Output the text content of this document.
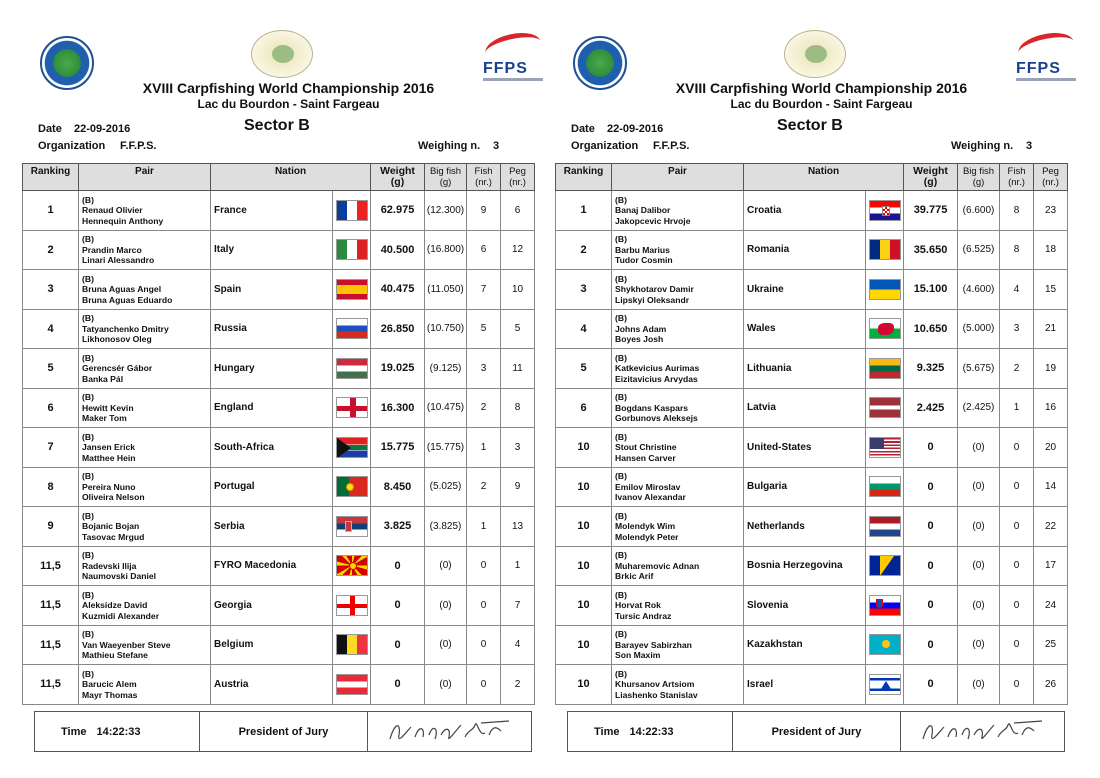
FFPS
XVIII Carpfishing World Championship 2016
Lac du Bourdon - Saint Fargeau
Date 22-09-2016	Sector B
Organization F.F.P.S.	Weighing n. 3
Ranking	Pair	Nation		Weight
(g)	Big fish
(g)	Fish
(nr.)	Peg
(nr.)
1	(B)
Renaud Olivier
Hennequin Anthony	France		62.975	(12.300)	9	6
2	(B)
Prandin Marco
Linari Alessandro	Italy		40.500	(16.800)	6	12
3	(B)
Bruna Aguas Angel
Bruna Aguas Eduardo	Spain		40.475	(11.050)	7	10
4	(B)
Tatyanchenko Dmitry
Likhonosov Oleg	Russia		26.850	(10.750)	5	5
5	(B)
Gerencsér Gábor
Banka Pál	Hungary		19.025	(9.125)	3	11
6	(B)
Hewitt Kevin
Maker Tom	England		16.300	(10.475)	2	8
7	(B)
Jansen Erick
Matthee Hein	South-Africa		15.775	(15.775)	1	3
8	(B)
Pereira Nuno
Oliveira Nelson	Portugal		8.450	(5.025)	2	9
9	(B)
Bojanic Bojan
Tasovac Mrgud	Serbia		3.825	(3.825)	1	13
11,5	(B)
Radevski Ilija
Naumovski Daniel	FYRO Macedonia		0	(0)	0	1
11,5	(B)
Aleksidze David
Kuzmidi Alexander	Georgia		0	(0)	0	7
11,5	(B)
Van Waeyenber Steve
Mathieu Stefane	Belgium		0	(0)	0	4
11,5	(B)
Barucic Alem
Mayr Thomas	Austria		0	(0)	0	2
Time 14:22:33	President of Jury
FFPS
XVIII Carpfishing World Championship 2016
Lac du Bourdon - Saint Fargeau
Date 22-09-2016	Sector B
Organization F.F.P.S.	Weighing n. 3
Ranking	Pair	Nation		Weight
(g)	Big fish
(g)	Fish
(nr.)	Peg
(nr.)
1	(B)
Banaj Dalibor
Jakopcevic Hrvoje	Croatia		39.775	(6.600)	8	23
2	(B)
Barbu Marius
Tudor Cosmin	Romania		35.650	(6.525)	8	18
3	(B)
Shykhotarov Damir
Lipskyi Oleksandr	Ukraine		15.100	(4.600)	4	15
4	(B)
Johns Adam
Boyes Josh	Wales		10.650	(5.000)	3	21
5	(B)
Katkevicius Aurimas
Eizitavicius Arvydas	Lithuania		9.325	(5.675)	2	19
6	(B)
Bogdans Kaspars
Gorbunovs Aleksejs	Latvia		2.425	(2.425)	1	16
10	(B)
Stout Christine
Hansen Carver	United-States		0	(0)	0	20
10	(B)
Emilov Miroslav
Ivanov Alexandar	Bulgaria		0	(0)	0	14
10	(B)
Molendyk Wim
Molendyk Peter	Netherlands		0	(0)	0	22
10	(B)
Muharemovic Adnan
Brkic Arif	Bosnia Herzegovina		0	(0)	0	17
10	(B)
Horvat Rok
Tursic Andraz	Slovenia		0	(0)	0	24
10	(B)
Barayev Sabirzhan
Son Maxim	Kazakhstan		0	(0)	0	25
10	(B)
Khursanov Artsiom
Liashenko Stanislav	Israel		0	(0)	0	26
Time 14:22:33	President of Jury
